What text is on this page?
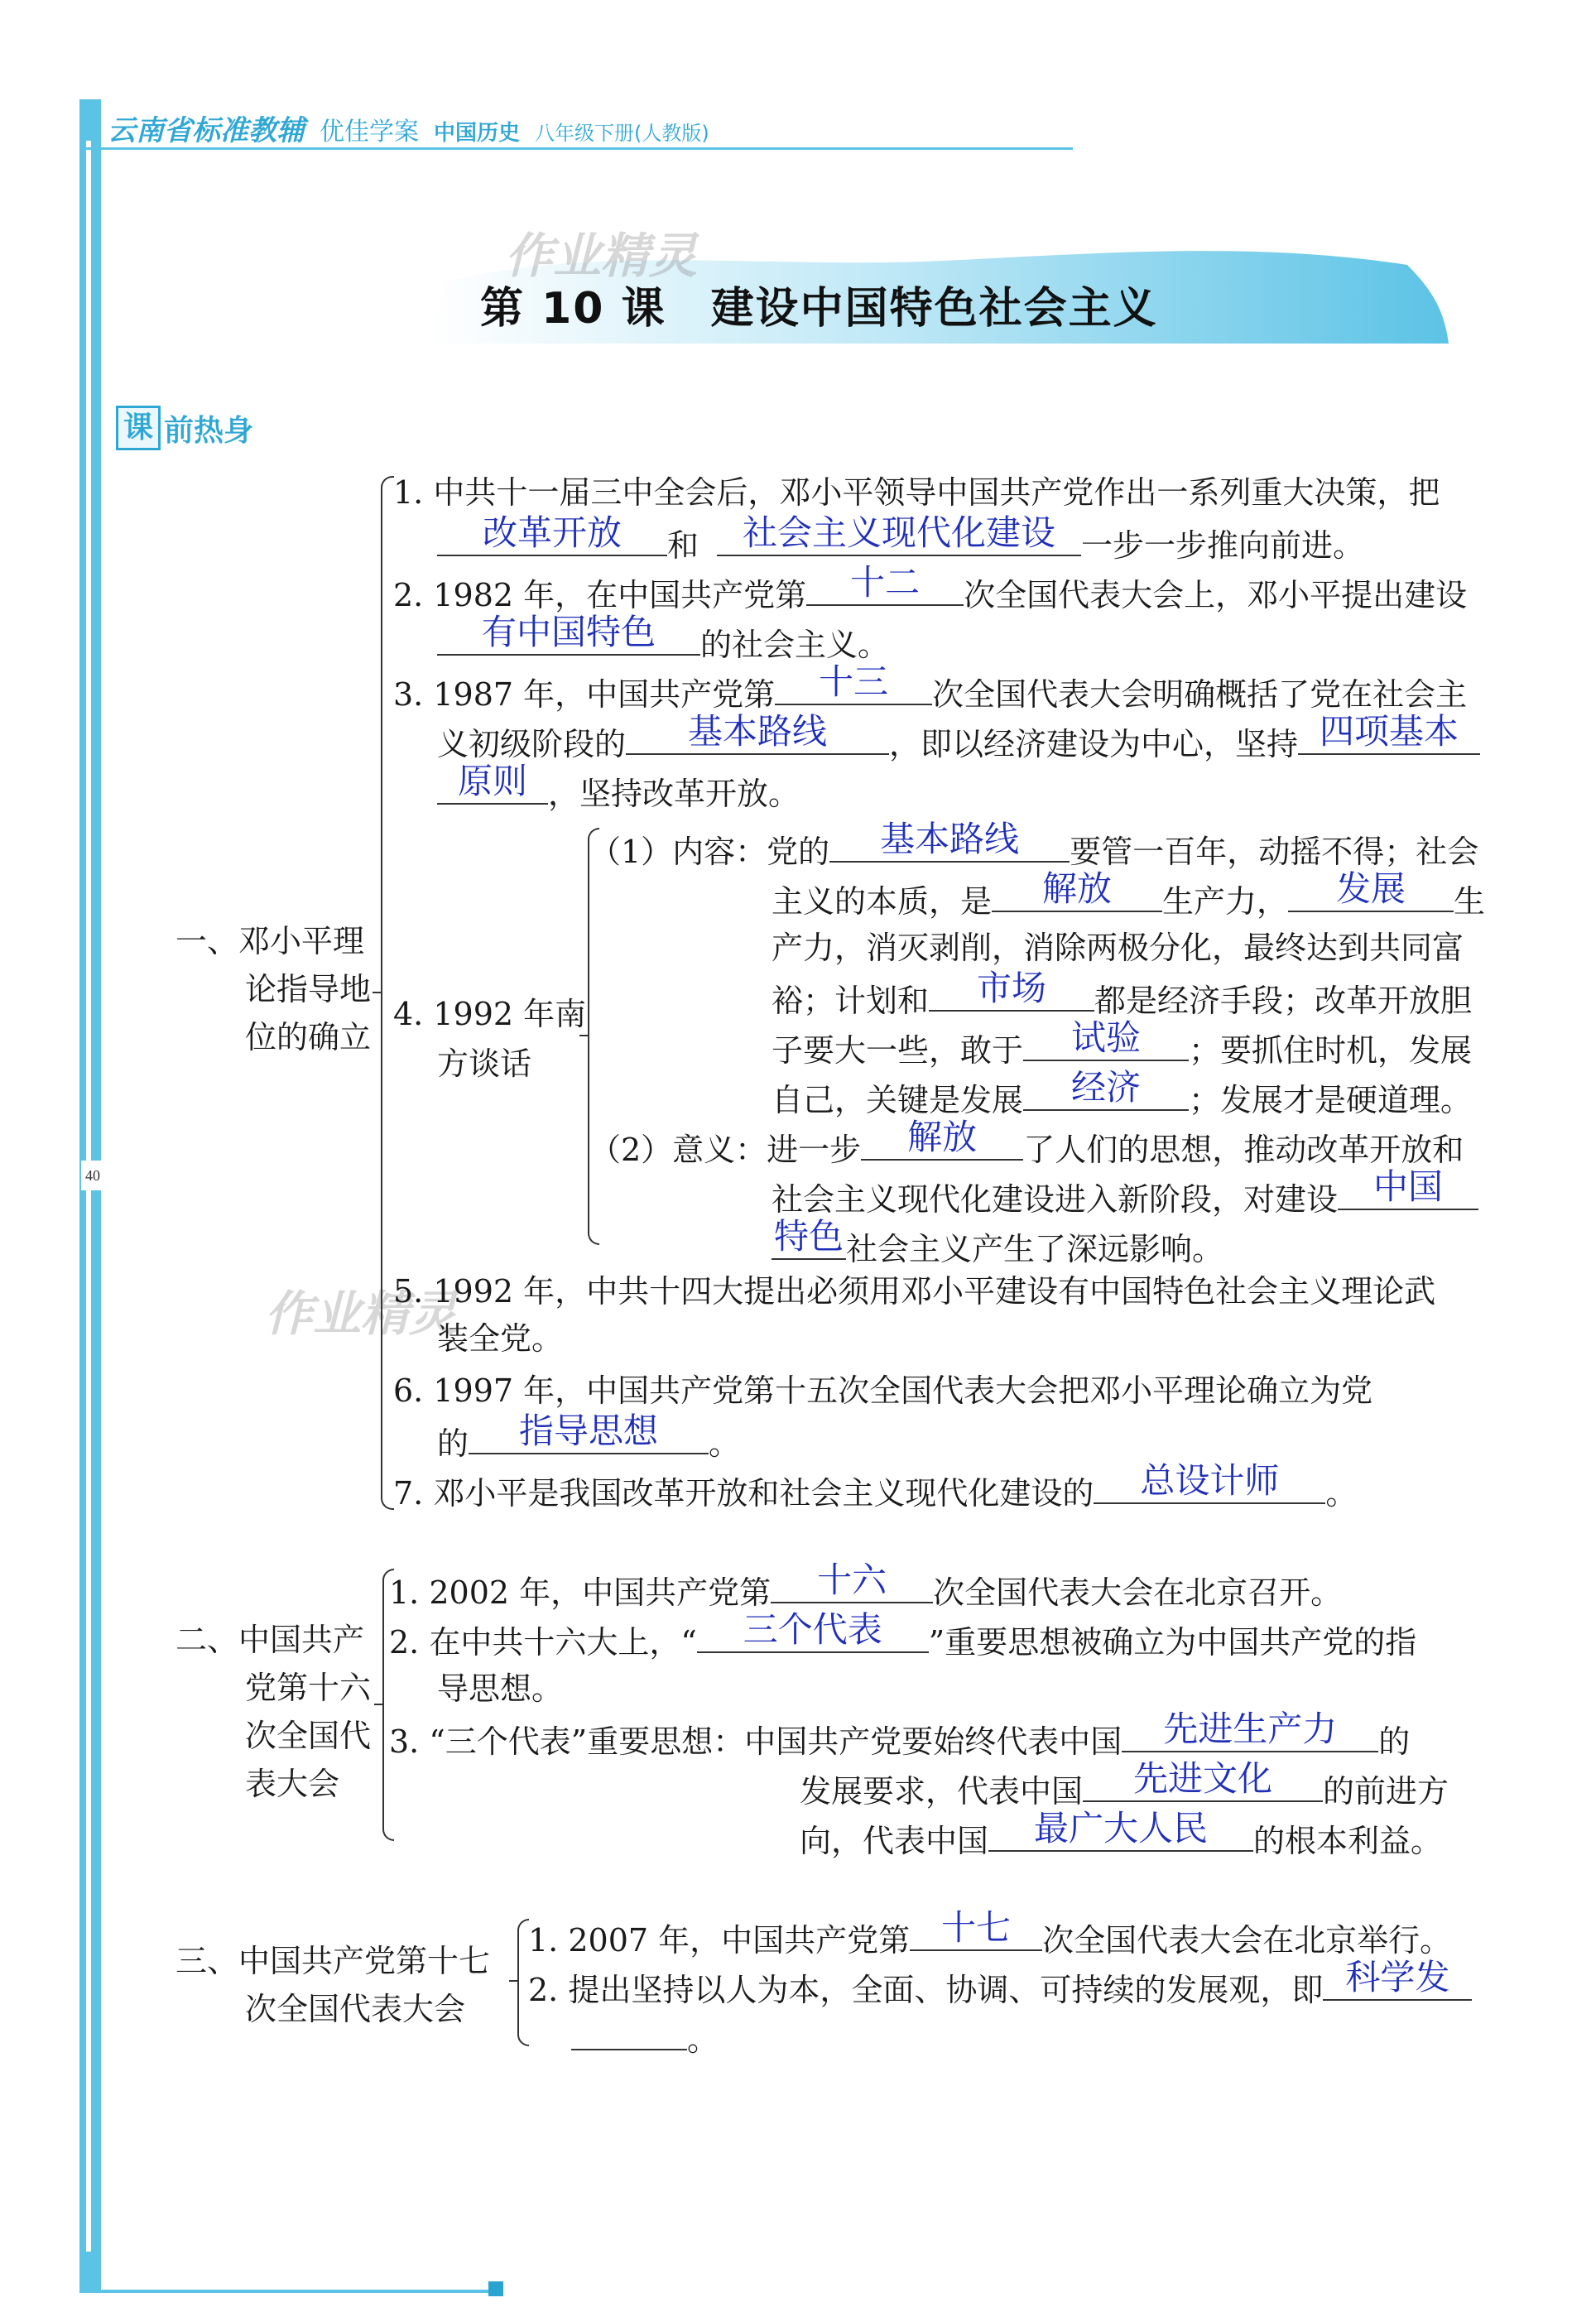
40
云南省标准教辅 优佳学案 中国历史 八年级下册(人教版)
第 10 课　建设中国特色社会主义
作业精灵
作业精灵
课 前热身
一、邓小平理
论指导地
位的确立
1. 中共十一届三中全会后，邓小平领导中国共产党作出一系列重大决策，把
改革开放	和	社会主义现代化建设 一步一步推向前进。
2. 1982 年，在中国共产党第	十二	次全国代表大会上，邓小平提出建设
有中国特色	的社会主义。
3. 1987 年，中国共产党第	十三	次全国代表大会明确概括了党在社会主
义初级阶段的	基本路线	，即以经济建设为中心，坚持 四项基本
原则 ，坚持改革开放。
4. 1992 年南
方谈话
（1）内容：党的	基本路线	要管一百年，动摇不得；社会
主义的本质，是	解放	生产力，	发展	生
产力，消灭剥削，消除两极分化，最终达到共同富
裕；计划和	市场	都是经济手段；改革开放胆
子要大一些，敢于	试验	；要抓住时机，发展
自己，关键是发展	经济	；发展才是硬道理。
（2）意义：进一步	解放	了人们的思想，推动改革开放和
社会主义现代化建设进入新阶段，对建设	中国
特色 社会主义产生了深远影响。
5. 1992 年，中共十四大提出必须用邓小平建设有中国特色社会主义理论武
装全党。
6. 1997 年，中国共产党第十五次全国代表大会把邓小平理论确立为党
的	指导思想	。
7. 邓小平是我国改革开放和社会主义现代化建设的	总设计师	。
二、中国共产
党第十六
次全国代
表大会
1. 2002 年，中国共产党第	十六	次全国代表大会在北京召开。
2. 在中共十六大上，“	三个代表	”重要思想被确立为中国共产党的指
导思想。
3. “三个代表”重要思想：中国共产党要始终代表中国	先进生产力	的
发展要求，代表中国	先进文化	的前进方
向，代表中国	最广大人民	的根本利益。
三、中国共产党第十七
次全国代表大会
1. 2007 年，中国共产党第 十七	次全国代表大会在北京举行。
2. 提出坚持以人为本，全面、协调、可持续的发展观，即 科学发
。
